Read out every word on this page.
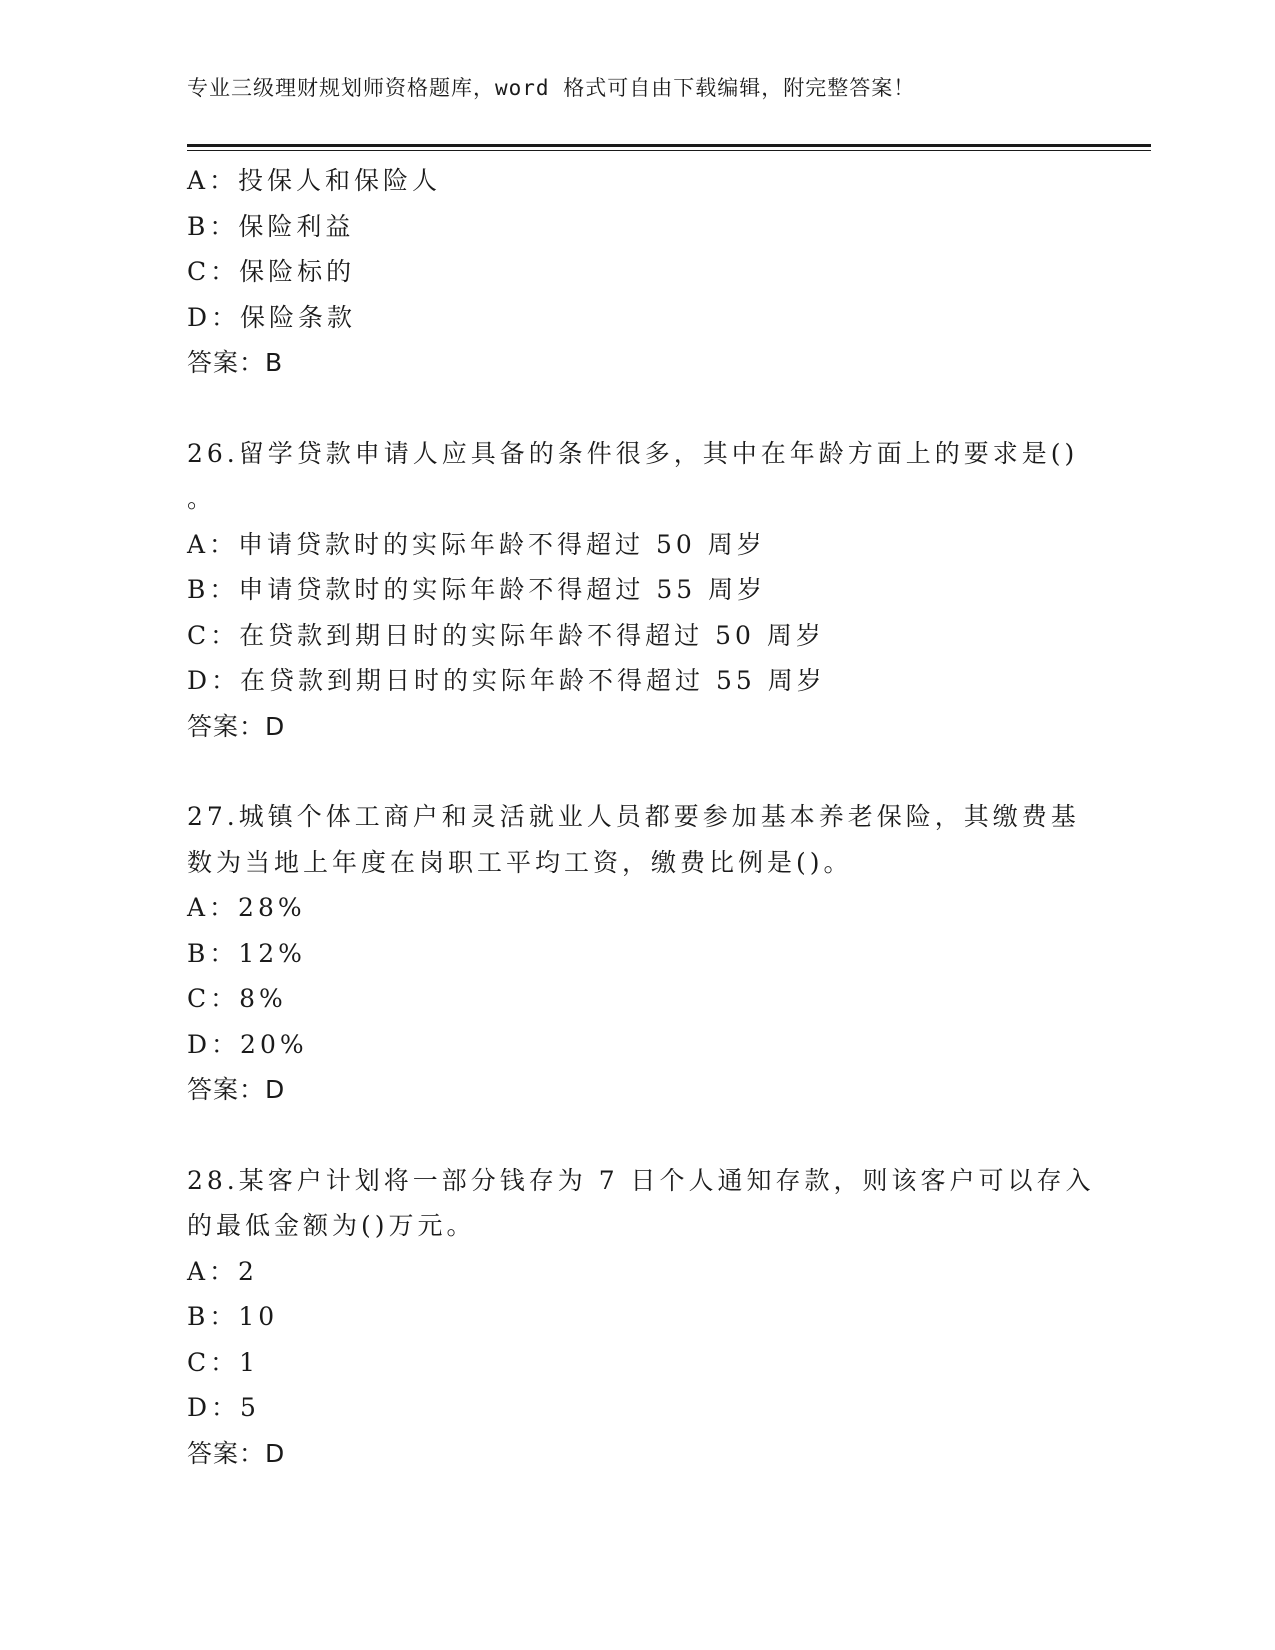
专业三级理财规划师资格题库，word 格式可自由下载编辑，附完整答案！
A：投保人和保险人
B：保险利益
C：保险标的
D：保险条款
答案：B
26.留学贷款申请人应具备的条件很多，其中在年龄方面上的要求是()
。
A：申请贷款时的实际年龄不得超过 50 周岁
B：申请贷款时的实际年龄不得超过 55 周岁
C：在贷款到期日时的实际年龄不得超过 50 周岁
D：在贷款到期日时的实际年龄不得超过 55 周岁
答案：D
27.城镇个体工商户和灵活就业人员都要参加基本养老保险，其缴费基
数为当地上年度在岗职工平均工资，缴费比例是()。
A：28%
B：12%
C：8%
D：20%
答案：D
28.某客户计划将一部分钱存为 7 日个人通知存款，则该客户可以存入
的最低金额为()万元。
A：2
B：10
C：1
D：5
答案：D
